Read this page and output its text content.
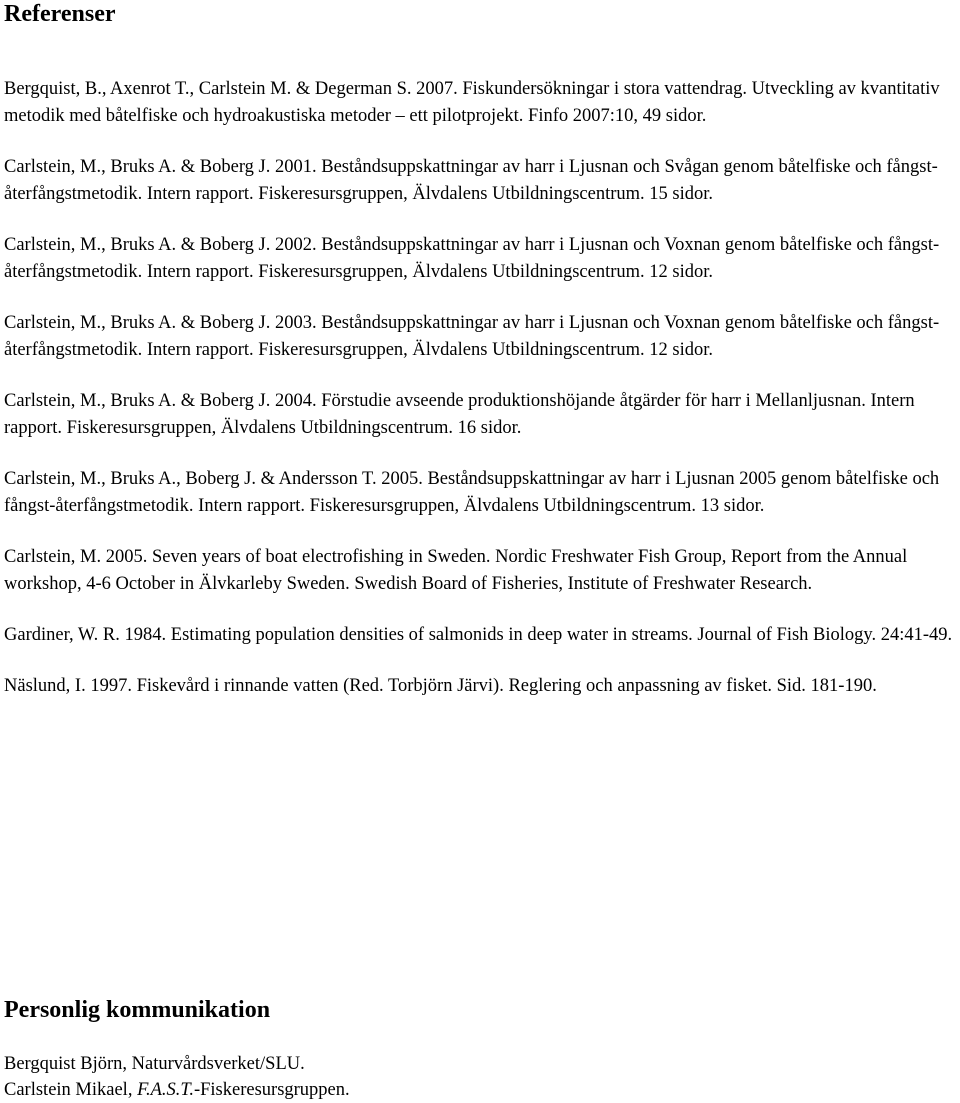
Referenser

Bergquist, B., Axenrot T., Carlstein M. & Degerman S. 2007. Fiskundersökningar i stora vattendrag. Utveckling av kvantitativ metodik med båtelfiske och hydroakustiska metoder – ett pilotprojekt. Finfo 2007:10, 49 sidor.

Carlstein, M., Bruks A. & Boberg J. 2001. Beståndsuppskattningar av harr i Ljusnan och Svågan genom båtelfiske och fångst-återfångstmetodik. Intern rapport. Fiskeresursgruppen, Älvdalens Utbildningscentrum. 15 sidor.

Carlstein, M., Bruks A. & Boberg J. 2002. Beståndsuppskattningar av harr i Ljusnan och Voxnan genom båtelfiske och fångst-återfångstmetodik. Intern rapport. Fiskeresursgruppen, Älvdalens Utbildningscentrum. 12 sidor.

Carlstein, M., Bruks A. & Boberg J. 2003. Beståndsuppskattningar av harr i Ljusnan och Voxnan genom båtelfiske och fångst-återfångstmetodik. Intern rapport. Fiskeresursgruppen, Älvdalens Utbildningscentrum. 12 sidor.

Carlstein, M., Bruks A. & Boberg J. 2004. Förstudie avseende produktionshöjande åtgärder för harr i Mellanljusnan. Intern rapport. Fiskeresursgruppen, Älvdalens Utbildningscentrum. 16 sidor.

Carlstein, M., Bruks A., Boberg J. & Andersson T. 2005. Beståndsuppskattningar av harr i Ljusnan 2005 genom båtelfiske och fångst-återfångstmetodik. Intern rapport. Fiskeresursgruppen, Älvdalens Utbildningscentrum. 13 sidor.

Carlstein, M. 2005. Seven years of boat electrofishing in Sweden. Nordic Freshwater Fish Group, Report from the Annual workshop, 4-6 October in Älvkarleby Sweden. Swedish Board of Fisheries, Institute of Freshwater Research.

Gardiner, W. R. 1984. Estimating population densities of salmonids in deep water in streams. Journal of Fish Biology. 24:41-49.

Näslund, I. 1997. Fiskevård i rinnande vatten (Red. Torbjörn Järvi). Reglering och anpassning av fisket. Sid. 181-190.

Personlig kommunikation

Bergquist Björn, Naturvårdsverket/SLU.

Carlstein Mikael, F.A.S.T.-Fiskeresursgruppen.
